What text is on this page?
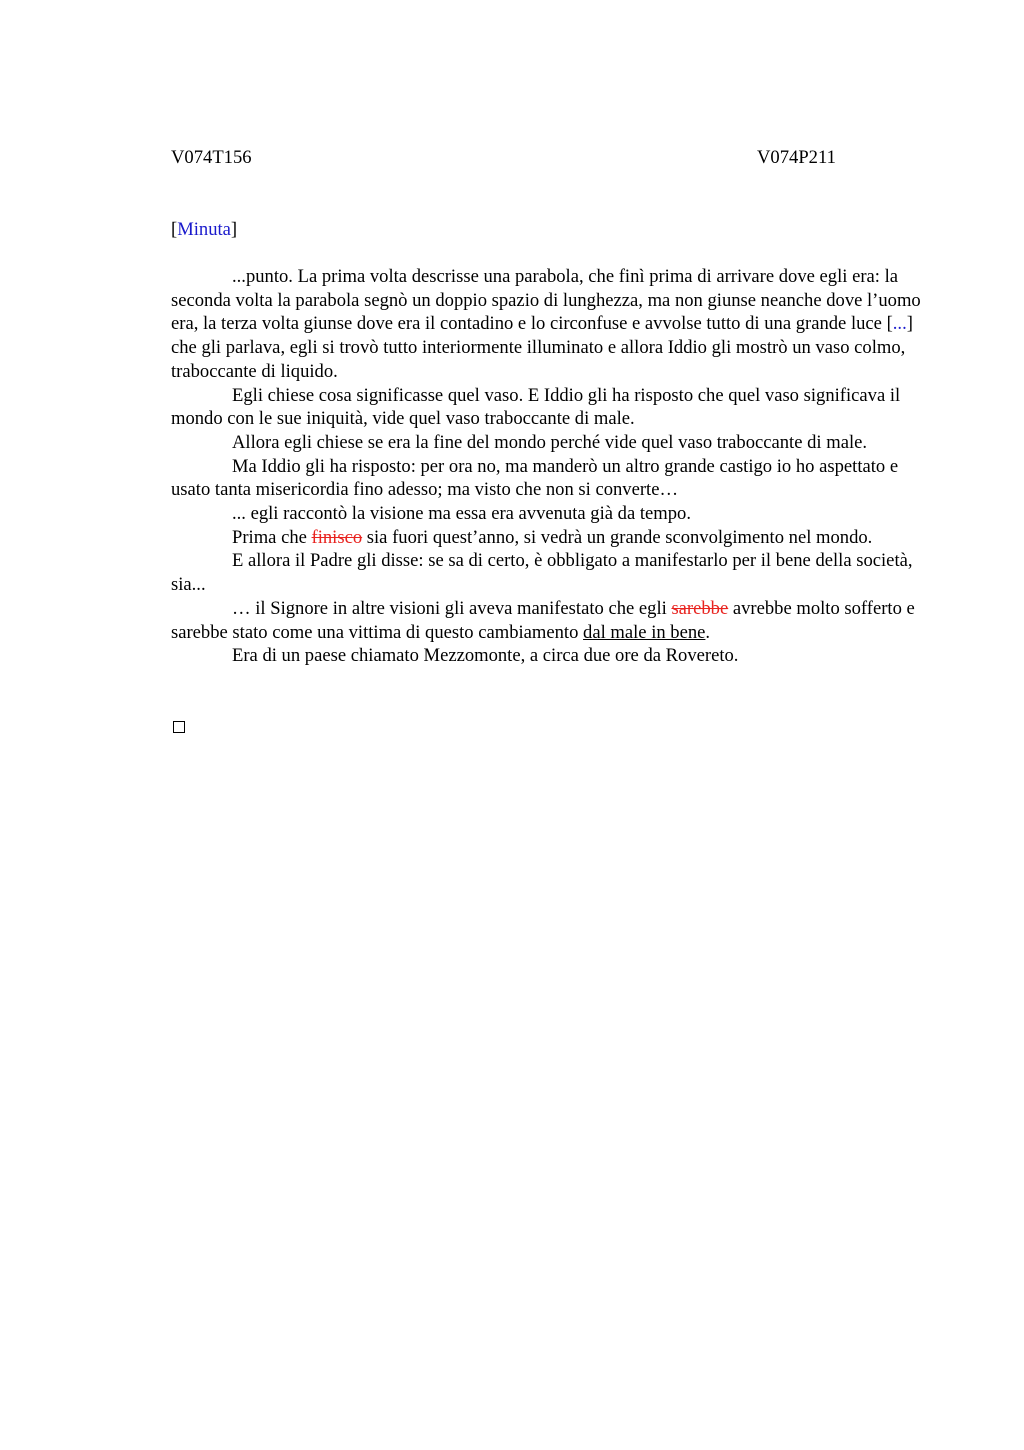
V074T156	V074P211
[Minuta]

...punto. La prima volta descrisse una parabola, che finì prima di arrivare dove egli era: la seconda volta la parabola segnò un doppio spazio di lunghezza, ma non giunse neanche dove l’uomo era, la terza volta giunse dove era il contadino e lo circonfuse e avvolse tutto di una grande luce [...] che gli parlava, egli si trovò tutto interiormente illuminato e allora Iddio gli mostrò un vaso colmo, traboccante di liquido.

Egli chiese cosa significasse quel vaso. E Iddio gli ha risposto che quel vaso significava il mondo con le sue iniquità, vide quel vaso traboccante di male.

Allora egli chiese se era la fine del mondo perché vide quel vaso traboccante di male.

Ma Iddio gli ha risposto: per ora no, ma manderò un altro grande castigo io ho aspettato e usato tanta misericordia fino adesso; ma visto che non si converte…

... egli raccontò la visione ma essa era avvenuta già da tempo.

Prima che finisco sia fuori quest’anno, si vedrà un grande sconvolgimento nel mondo.

E allora il Padre gli disse: se sa di certo, è obbligato a manifestarlo per il bene della società, sia...

… il Signore in altre visioni gli aveva manifestato che egli sarebbe avrebbe molto sofferto e sarebbe stato come una vittima di questo cambiamento dal male in bene.

Era di un paese chiamato Mezzomonte, a circa due ore da Rovereto.
